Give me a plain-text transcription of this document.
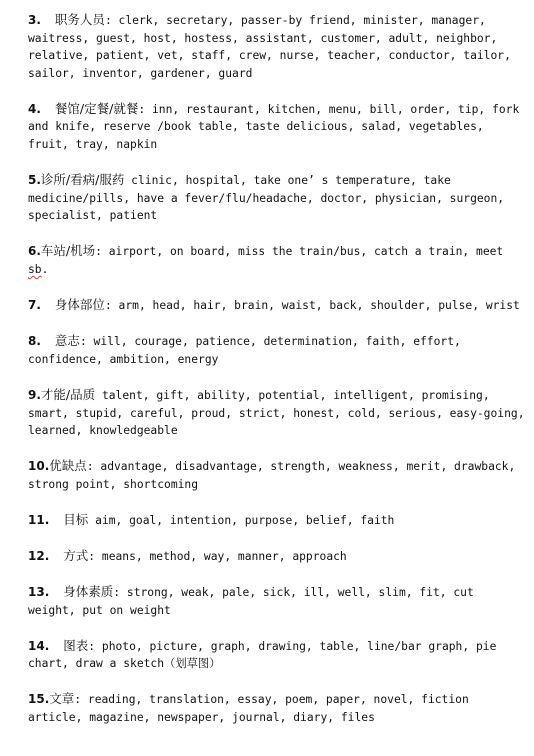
3. 职务人员: clerk, secretary, passer-by friend, minister, manager, waitress, guest, host, hostess, assistant, customer, adult, neighbor, relative, patient, vet, staff, crew, nurse, teacher, conductor, tailor, sailor, inventor, gardener, guard

4. 餐馆/定餐/就餐: inn, restaurant, kitchen, menu, bill, order, tip, fork and knife, reserve /book table, taste delicious, salad, vegetables, fruit, tray, napkin

5.诊所/看病/服药 clinic, hospital, take one’ s temperature, take medicine/pills, have a fever/flu/headache, doctor, physician, surgeon, specialist, patient

6.车站/机场: airport, on board, miss the train/bus, catch a train, meet sb.

7. 身体部位: arm, head, hair, brain, waist, back, shoulder, pulse, wrist

8. 意志: will, courage, patience, determination, faith, effort, confidence, ambition, energy

9.才能/品质 talent, gift, ability, potential, intelligent, promising, smart, stupid, careful, proud, strict, honest, cold, serious, easy-going, learned, knowledgeable

10.优缺点: advantage, disadvantage, strength, weakness, merit, drawback, strong point, shortcoming

11. 目标 aim, goal, intention, purpose, belief, faith

12. 方式: means, method, way, manner, approach

13. 身体素质: strong, weak, pale, sick, ill, well, slim, fit, cut weight, put on weight

14. 图表: photo, picture, graph, drawing, table, line/bar graph, pie chart, draw a sketch（划草图）

15.文章: reading, translation, essay, poem, paper, novel, fiction article, magazine, newspaper, journal, diary, files
